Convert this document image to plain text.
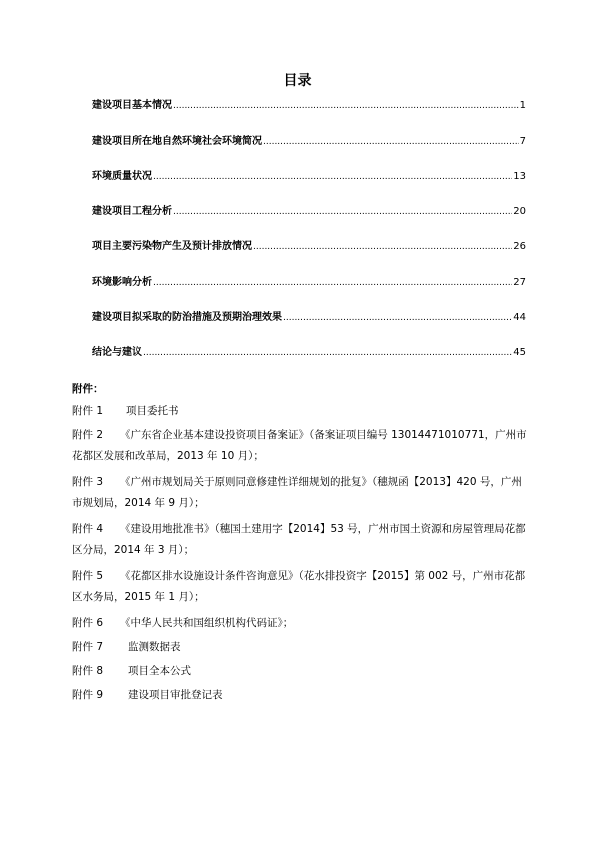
目录
建设项目基本情况 .....	1
建设项目所在地自然环境社会环境简况 .....	7
环境质量状况 .....	13
建设项目工程分析 .....	20
项目主要污染物产生及预计排放情况 .....	26
环境影响分析 .....	27
建设项目拟采取的防治措施及预期治理效果 .....	44
结论与建议 .....	45
附件：
附件 1 项目委托书
附件 2 《广东省企业基本建设投资项目备案证》（备案证项目编号 13014471010771，广州市花都区发展和改革局，2013 年 10 月）；
附件 3 《广州市规划局关于原则同意修建性详细规划的批复》（穗规函【2013】420 号，广州市规划局，2014 年 9 月）；
附件 4 《建设用地批准书》（穗国土建用字【2014】53 号，广州市国土资源和房屋管理局花都区分局，2014 年 3 月）；
附件 5 《花都区排水设施设计条件咨询意见》（花水排投资字【2015】第 002 号，广州市花都区水务局，2015 年 1 月）；
附件 6 《中华人民共和国组织机构代码证》；
附件 7 监测数据表
附件 8 项目全本公式
附件 9 建设项目审批登记表
